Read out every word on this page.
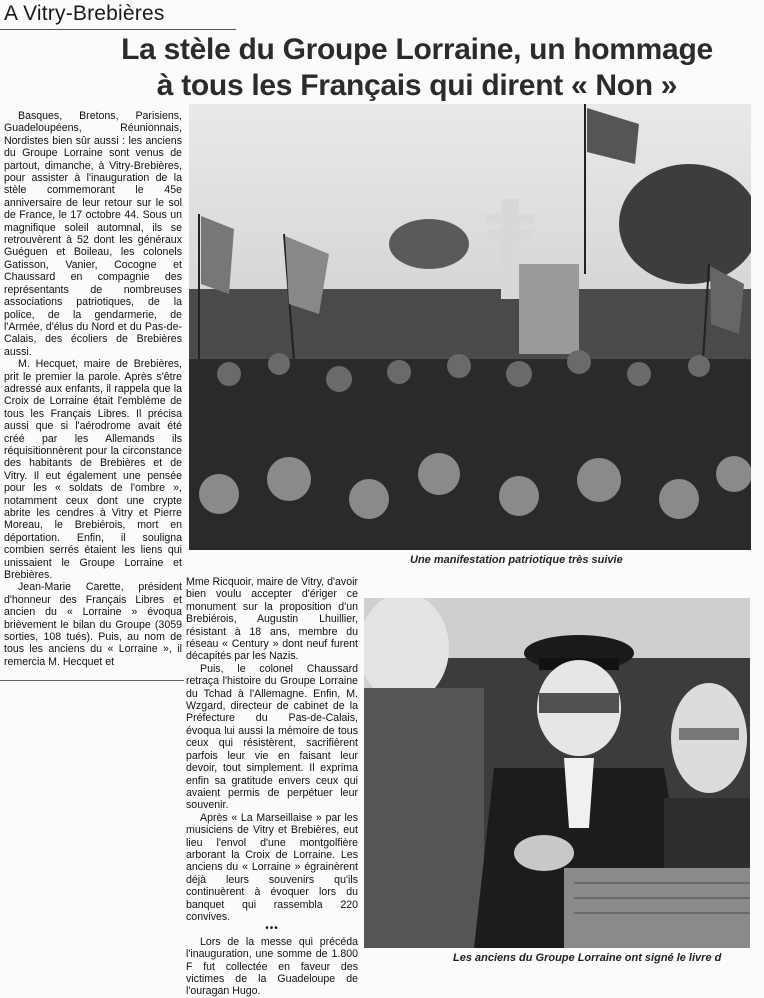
A Vitry-Brebières
La stèle du Groupe Lorraine, un hommage
à tous les Français qui dirent « Non »

Basques, Bretons, Parisiens, Guadeloupéens, Réunionnais, Nordistes bien sûr aussi : les anciens du Groupe Lorraine sont venus de partout, dimanche, à Vitry-Brebières, pour assister à l'inauguration de la stèle commemorant le 45e anniversaire de leur retour sur le sol de France, le 17 octobre 44. Sous un magnifique soleil automnal, ils se retrouvèrent à 52 dont les généraux Guéguen et Boileau, les colonels Gatisson, Vanier, Cocogne et Chaussard en compagnie des représentants de nombreuses associations patriotiques, de la police, de la gendarmerie, de l'Armée, d'élus du Nord et du Pas-de-Calais, des écoliers de Brebières aussi.

M. Hecquet, maire de Brebières, prit le premier la parole. Après s'être adressé aux enfants, il rappela que la Croix de Lorraine était l'emblème de tous les Français Libres. Il précisa aussi que si l'aérodrome avait été créé par les Allemands ils réquisitionnèrent pour la circonstance des habitants de Brebières et de Vitry. Il eut également une pensée pour les « soldats de l'ombre », notamment ceux dont une crypte abrite les cendres à Vitry et Pierre Moreau, le Brebiérois, mort en déportation. Enfin, il souligna combien serrés étaient les liens qui unissaient le Groupe Lorraine et Brebières.

Jean-Marie Carette, président d'honneur des Français Libres et ancien du « Lorraine » évoqua brièvement le bilan du Groupe (3059 sorties, 108 tués). Puis, au nom de tous les anciens du « Lorraine », il remercia M. Hecquet et

Mme Ricquoir, maire de Vitry, d'avoir bien voulu accepter d'ériger ce monument sur la proposition d'un Brebiérois, Augustin Lhuillier, résistant à 18 ans, membre du réseau « Century » dont neuf furent décapités par les Nazis.

Puis, le colonel Chaussard retraça l'histoire du Groupe Lorraine du Tchad à l'Allemagne. Enfin, M. Wzgard, directeur de cabinet de la Préfecture du Pas-de-Calais, évoqua lui aussi la mémoire de tous ceux qui résistèrent, sacrifièrent parfois leur vie en faisant leur devoir, tout simplement. Il exprima enfin sa gratitude envers ceux qui avaient permis de perpétuer leur souvenir.

Après « La Marseillaise » par les musiciens de Vitry et Brebières, eut lieu l'envol d'une montgolfière arborant la Croix de Lorraine. Les anciens du « Lorraine » égrainèrent déjà leurs souvenirs qu'ils continuèrent à évoquer lors du banquet qui rassembla 220 convives.

•••

Lors de la messe qui précéda l'inauguration, une somme de 1.800 F fut collectée en faveur des victimes de la Guadeloupe de l'ouragan Hugo.

Une manifestation patriotique très suivie
Les anciens du Groupe Lorraine ont signé le livre d
